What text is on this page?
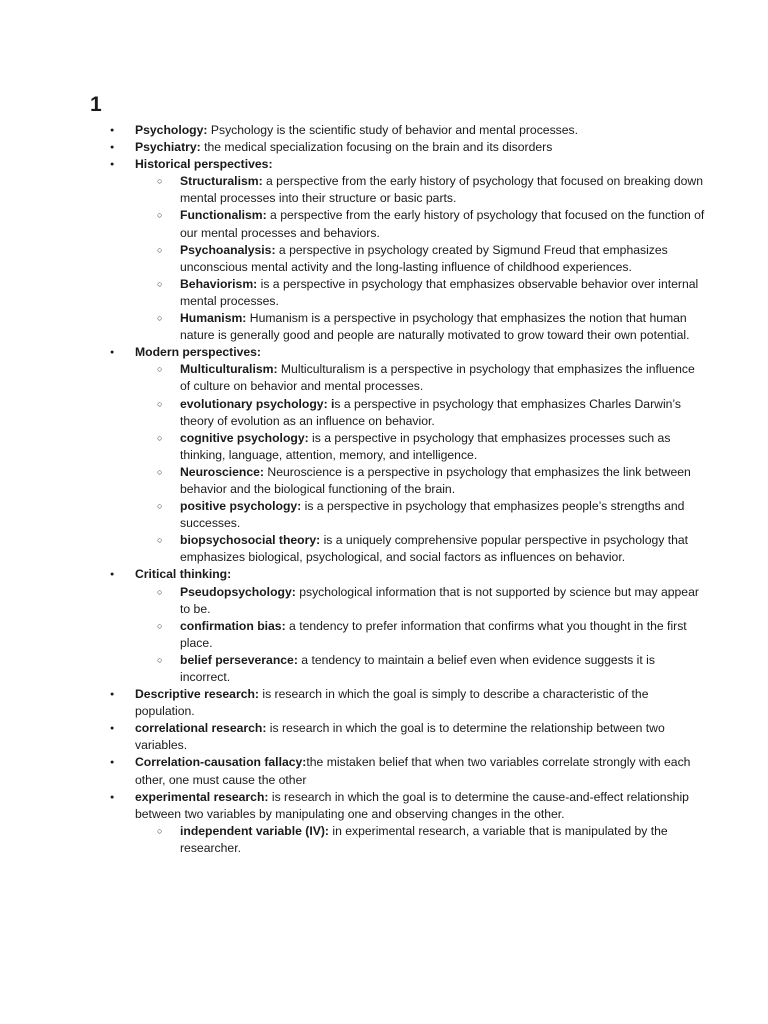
1
● Psychology: Psychology is the scientific study of behavior and mental processes.
● Psychiatry: the medical specialization focusing on the brain and its disorders
● Historical perspectives:
○ Structuralism: a perspective from the early history of psychology that focused on breaking down mental processes into their structure or basic parts.
○ Functionalism: a perspective from the early history of psychology that focused on the function of our mental processes and behaviors.
○ Psychoanalysis: a perspective in psychology created by Sigmund Freud that emphasizes unconscious mental activity and the long-lasting influence of childhood experiences.
○ Behaviorism: is a perspective in psychology that emphasizes observable behavior over internal mental processes.
○ Humanism: Humanism is a perspective in psychology that emphasizes the notion that human nature is generally good and people are naturally motivated to grow toward their own potential.
● Modern perspectives:
○ Multiculturalism: Multiculturalism is a perspective in psychology that emphasizes the influence of culture on behavior and mental processes.
○ evolutionary psychology: is a perspective in psychology that emphasizes Charles Darwin’s theory of evolution as an influence on behavior.
○ cognitive psychology: is a perspective in psychology that emphasizes processes such as thinking, language, attention, memory, and intelligence.
○ Neuroscience: Neuroscience is a perspective in psychology that emphasizes the link between behavior and the biological functioning of the brain.
○ positive psychology: is a perspective in psychology that emphasizes people’s strengths and successes.
○ biopsychosocial theory: is a uniquely comprehensive popular perspective in psychology that emphasizes biological, psychological, and social factors as influences on behavior.
● Critical thinking:
○ Pseudopsychology: psychological information that is not supported by science but may appear to be.
○ confirmation bias: a tendency to prefer information that confirms what you thought in the first place.
○ belief perseverance: a tendency to maintain a belief even when evidence suggests it is incorrect.
● Descriptive research: is research in which the goal is simply to describe a characteristic of the population.
● correlational research: is research in which the goal is to determine the relationship between two variables.
● Correlation-causation fallacy:the mistaken belief that when two variables correlate strongly with each other, one must cause the other
● experimental research: is research in which the goal is to determine the cause-and-effect relationship between two variables by manipulating one and observing changes in the other.
○ independent variable (IV): in experimental research, a variable that is manipulated by the researcher.
